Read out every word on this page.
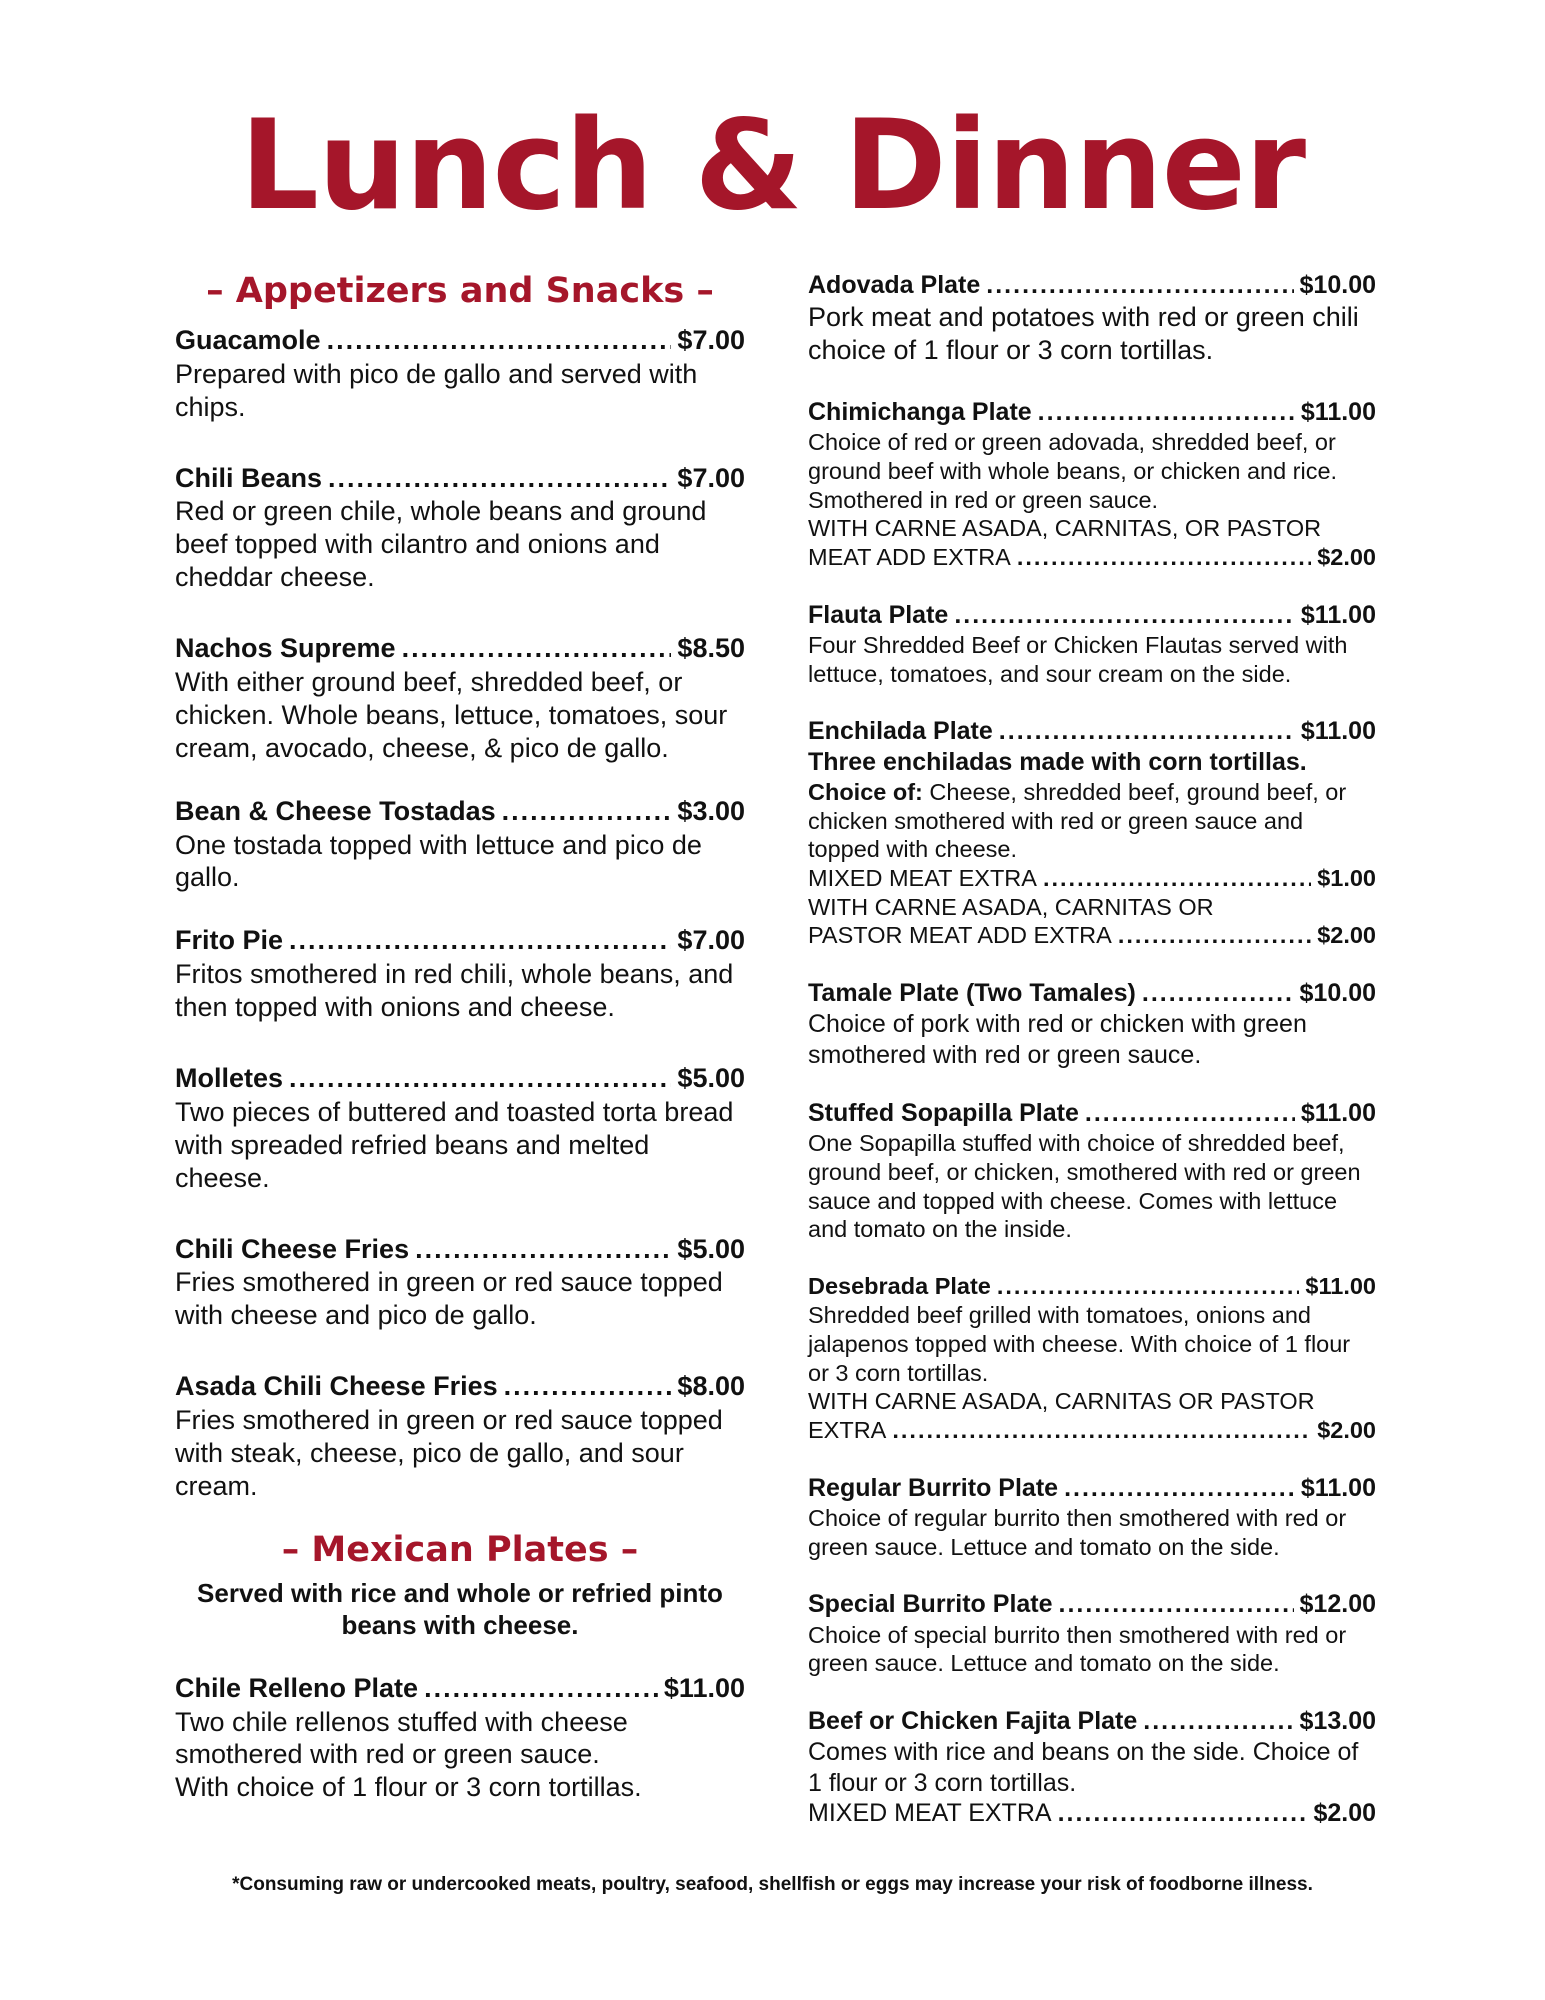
Lunch & Dinner
– Appetizers and Snacks –
Guacamole .....	$7.00
Prepared with pico de gallo and served with chips.
Chili Beans .....	$7.00
Red or green chile, whole beans and ground beef topped with cilantro and onions and cheddar cheese.
Nachos Supreme .....	$8.50
With either ground beef, shredded beef, or chicken. Whole beans, lettuce, tomatoes, sour cream, avocado, cheese, & pico de gallo.
Bean & Cheese Tostadas .....	$3.00
One tostada topped with lettuce and pico de gallo.
Frito Pie .....	$7.00
Fritos smothered in red chili, whole beans, and then topped with onions and cheese.
Molletes .....	$5.00
Two pieces of buttered and toasted torta bread with spreaded refried beans and melted cheese.
Chili Cheese Fries .....	$5.00
Fries smothered in green or red sauce topped with cheese and pico de gallo.
Asada Chili Cheese Fries .....	$8.00
Fries smothered in green or red sauce topped with steak, cheese, pico de gallo, and sour cream.
– Mexican Plates –
Served with rice and whole or refried pinto beans with cheese.
Chile Relleno Plate .....	$11.00
Two chile rellenos stuffed with cheese smothered with red or green sauce.
With choice of 1 flour or 3 corn tortillas.
Adovada Plate .....	$10.00
Pork meat and potatoes with red or green chili choice of 1 flour or 3 corn tortillas.
Chimichanga Plate .....	$11.00
Choice of red or green adovada, shredded beef, or ground beef with whole beans, or chicken and rice. Smothered in red or green sauce.
WITH CARNE ASADA, CARNITAS, OR PASTOR
MEAT ADD EXTRA .....	$2.00
Flauta Plate .....	$11.00
Four Shredded Beef or Chicken Flautas served with lettuce, tomatoes, and sour cream on the side.
Enchilada Plate .....	$11.00
Three enchiladas made with corn tortillas.
Choice of: Cheese, shredded beef, ground beef, or chicken smothered with red or green sauce and topped with cheese.
MIXED MEAT EXTRA .....	$1.00
WITH CARNE ASADA, CARNITAS OR
PASTOR MEAT ADD EXTRA .....	$2.00
Tamale Plate (Two Tamales) .....	$10.00
Choice of pork with red or chicken with green smothered with red or green sauce.
Stuffed Sopapilla Plate .....	$11.00
One Sopapilla stuffed with choice of shredded beef, ground beef, or chicken, smothered with red or green sauce and topped with cheese. Comes with lettuce and tomato on the inside.
Desebrada Plate .....	$11.00
Shredded beef grilled with tomatoes, onions and jalapenos topped with cheese. With choice of 1 flour or 3 corn tortillas.
WITH CARNE ASADA, CARNITAS OR PASTOR
EXTRA .....	$2.00
Regular Burrito Plate .....	$11.00
Choice of regular burrito then smothered with red or green sauce. Lettuce and tomato on the side.
Special Burrito Plate .....	$12.00
Choice of special burrito then smothered with red or green sauce. Lettuce and tomato on the side.
Beef or Chicken Fajita Plate .....	$13.00
Comes with rice and beans on the side. Choice of 1 flour or 3 corn tortillas.
MIXED MEAT EXTRA .....	$2.00
*Consuming raw or undercooked meats, poultry, seafood, shellfish or eggs may increase your risk of foodborne illness.
